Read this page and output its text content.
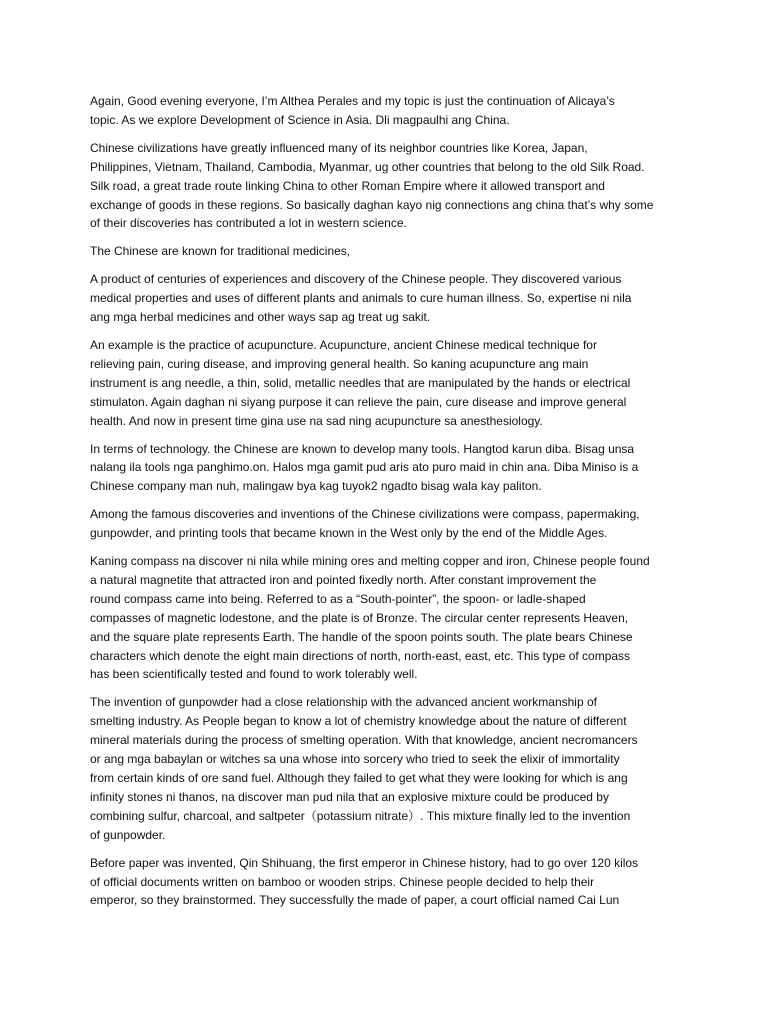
Again, Good evening everyone, I’m Althea Perales and my topic is just the continuation of Alicaya’s
topic. As we explore Development of Science in Asia. Dli magpaulhi ang China.

Chinese civilizations have greatly influenced many of its neighbor countries like Korea, Japan,
Philippines, Vietnam, Thailand, Cambodia, Myanmar, ug other countries that belong to the old Silk Road.
Silk road, a great trade route linking China to other Roman Empire where it allowed transport and
exchange of goods in these regions. So basically daghan kayo nig connections ang china that’s why some
of their discoveries has contributed a lot in western science.

The Chinese are known for traditional medicines,

A product of centuries of experiences and discovery of the Chinese people. They discovered various
medical properties and uses of different plants and animals to cure human illness. So, expertise ni nila
ang mga herbal medicines and other ways sap ag treat ug sakit.

An example is the practice of acupuncture. Acupuncture, ancient Chinese medical technique for
relieving pain, curing disease, and improving general health. So kaning acupuncture ang main
instrument is ang needle, a thin, solid, metallic needles that are manipulated by the hands or electrical
stimulaton. Again daghan ni siyang purpose it can relieve the pain, cure disease and improve general
health. And now in present time gina use na sad ning acupuncture sa anesthesiology.

In terms of technology. the Chinese are known to develop many tools. Hangtod karun diba. Bisag unsa
nalang ila tools nga panghimo.on. Halos mga gamit pud aris ato puro maid in chin ana. Diba Miniso is a
Chinese company man nuh, malingaw bya kag tuyok2 ngadto bisag wala kay paliton.

Among the famous discoveries and inventions of the Chinese civilizations were compass, papermaking,
gunpowder, and printing tools that became known in the West only by the end of the Middle Ages.

Kaning compass na discover ni nila while mining ores and melting copper and iron, Chinese people found
a natural magnetite that attracted iron and pointed fixedly north. After constant improvement the
round compass came into being. Referred to as a “South-pointer”, the spoon- or ladle-shaped
compasses of magnetic lodestone, and the plate is of Bronze. The circular center represents Heaven,
and the square plate represents Earth. The handle of the spoon points south. The plate bears Chinese
characters which denote the eight main directions of north, north-east, east, etc. This type of compass
has been scientifically tested and found to work tolerably well.

The invention of gunpowder had a close relationship with the advanced ancient workmanship of
smelting industry. As People began to know a lot of chemistry knowledge about the nature of different
mineral materials during the process of smelting operation. With that knowledge, ancient necromancers
or ang mga babaylan or witches sa una whose into sorcery who tried to seek the elixir of immortality
from certain kinds of ore sand fuel. Although they failed to get what they were looking for which is ang
infinity stones ni thanos, na discover man pud nila that an explosive mixture could be produced by
combining sulfur, charcoal, and saltpeter（potassium nitrate）. This mixture finally led to the invention
of gunpowder.

Before paper was invented, Qin Shihuang, the first emperor in Chinese history, had to go over 120 kilos
of official documents written on bamboo or wooden strips. Chinese people decided to help their
emperor, so they brainstormed. They successfully the made of paper, a court official named Cai Lun
